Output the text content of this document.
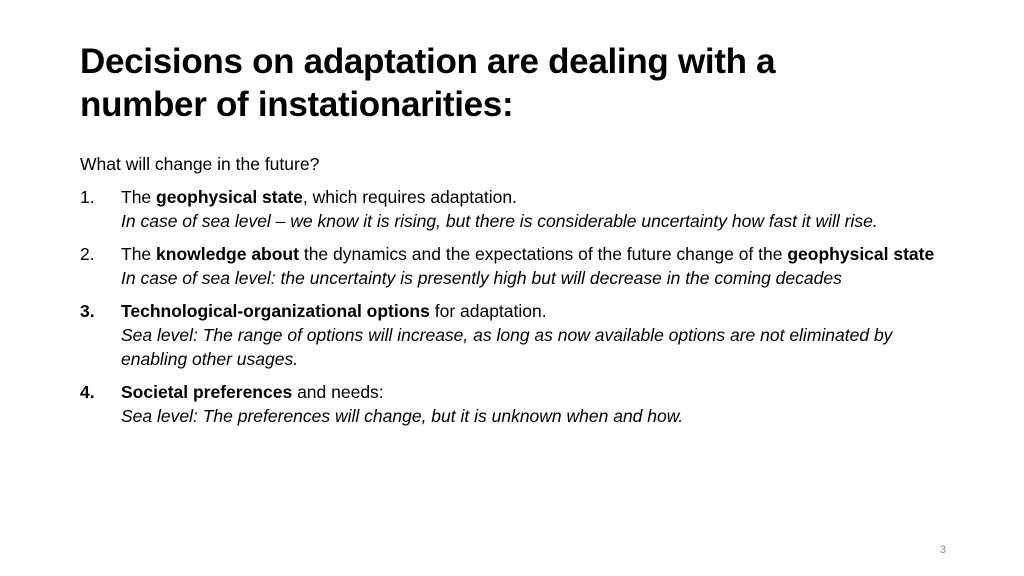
Decisions on adaptation are dealing with a
number of instationarities:

What will change in the future?

1.	The geophysical state, which requires adaptation.
In case of sea level – we know it is rising, but there is considerable uncertainty how fast it will rise.
2.	The knowledge about the dynamics and the expectations of the future change of the geophysical state
In case of sea level: the uncertainty is presently high but will decrease in the coming decades
3.	Technological-organizational options for adaptation.
Sea level: The range of options will increase, as long as now available options are not eliminated by enabling other usages.
4.	Societal preferences and needs:
Sea level: The preferences will change, but it is unknown when and how.
3
